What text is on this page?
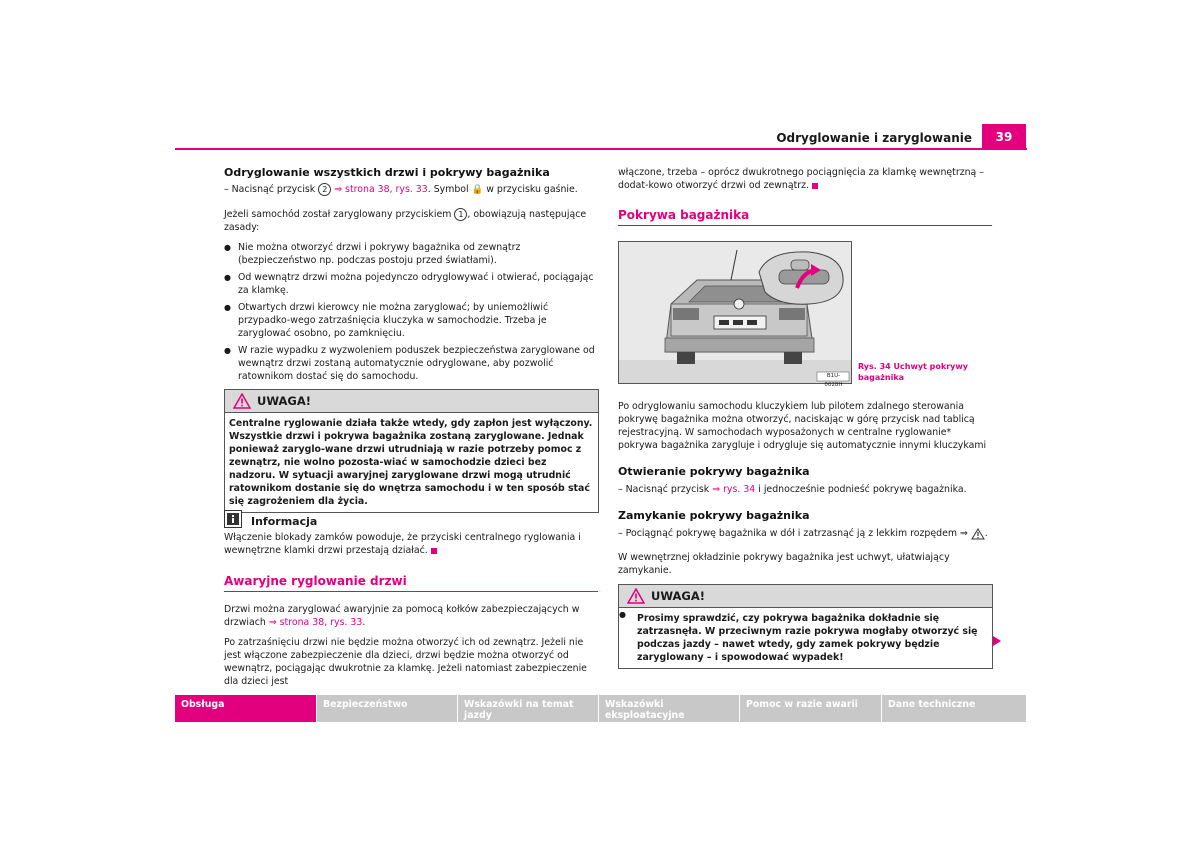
Odryglowanie i zaryglowanie	39
Odryglowanie wszystkich drzwi i pokrywy bagażnika

– Nacisnąć przycisk 2 ⇒ strona 38, rys. 33. Symbol 🔒 w przycisku gaśnie.

Jeżeli samochód został zaryglowany przyciskiem 1 , obowiązują następujące zasady:

● Nie można otworzyć drzwi i pokrywy bagażnika od zewnątrz (bezpieczeństwo np. podczas postoju przed światłami).

● Od wewnątrz drzwi można pojedynczo odryglowywać i otwierać, pociągając za klamkę.

● Otwartych drzwi kierowcy nie można zaryglować; by uniemożliwić przypadko-wego zatrzaśnięcia kluczyka w samochodzie. Trzeba je zaryglować osobno, po zamknięciu.

● W razie wypadku z wyzwoleniem poduszek bezpieczeństwa zaryglowane od wewnątrz drzwi zostaną automatycznie odryglowane, aby pozwolić ratownikom dostać się do samochodu.

UWAGA!
Centralne ryglowanie działa także wtedy, gdy zapłon jest wyłączony. Wszystkie drzwi i pokrywa bagażnika zostaną zaryglowane. Jednak ponieważ zaryglo-wane drzwi utrudniają w razie potrzeby pomoc z zewnątrz, nie wolno pozosta-wiać w samochodzie dzieci bez nadzoru. W sytuacji awaryjnej zaryglowane drzwi mogą utrudnić ratownikom dostanie się do wnętrza samochodu i w ten sposób stać się zagrożeniem dla życia.
Informacja
Włączenie blokady zamków powoduje, że przyciski centralnego ryglowania i wewnętrzne klamki drzwi przestają działać.
Awaryjne ryglowanie drzwi

Drzwi można zaryglować awaryjnie za pomocą kołków zabezpieczających w drzwiach ⇒ strona 38, rys. 33.

Po zatrzaśnięciu drzwi nie będzie można otworzyć ich od zewnątrz. Jeżeli nie jest włączone zabezpieczenie dla dzieci, drzwi będzie można otworzyć od wewnątrz, pociągając dwukrotnie za klamkę. Jeżeli natomiast zabezpieczenie dla dzieci jest

włączone, trzeba – oprócz dwukrotnego pociągnięcia za klamkę wewnętrzną – dodat-kowo otworzyć drzwi od zewnątrz.
Pokrywa bagażnika
B1U-0028H
Rys. 34 Uchwyt pokrywy bagażnika

Po odryglowaniu samochodu kluczykiem lub pilotem zdalnego sterowania pokrywę bagażnika można otworzyć, naciskając w górę przycisk nad tablicą rejestracyjną. W samochodach wyposażonych w centralne ryglowanie* pokrywa bagażnika zarygluje i odryglujе się automatycznie innymi kluczykami

Otwieranie pokrywy bagażnika

– Nacisnąć przycisk ⇒ rys. 34 i jednocześnie podnieść pokrywę bagażnika.

Zamykanie pokrywy bagażnika

– Pociągnąć pokrywę bagażnika w dół i zatrzasnąć ją z lekkim rozpędem ⇒ .

W wewnętrznej okładzinie pokrywy bagażnika jest uchwyt, ułatwiający zamykanie.

UWAGA!
● Prosimy sprawdzić, czy pokrywa bagażnika dokładnie się zatrzasnęła. W przeciwnym razie pokrywa mogłaby otworzyć się podczas jazdy – nawet wtedy, gdy zamek pokrywy będzie zaryglowany – i spowodować wypadek!
Obsługa	Bezpieczeństwo	Wskazówki na temat jazdy
Wskazówki eksploatacyjne
Pomoc w razie awarii	Dane techniczne
